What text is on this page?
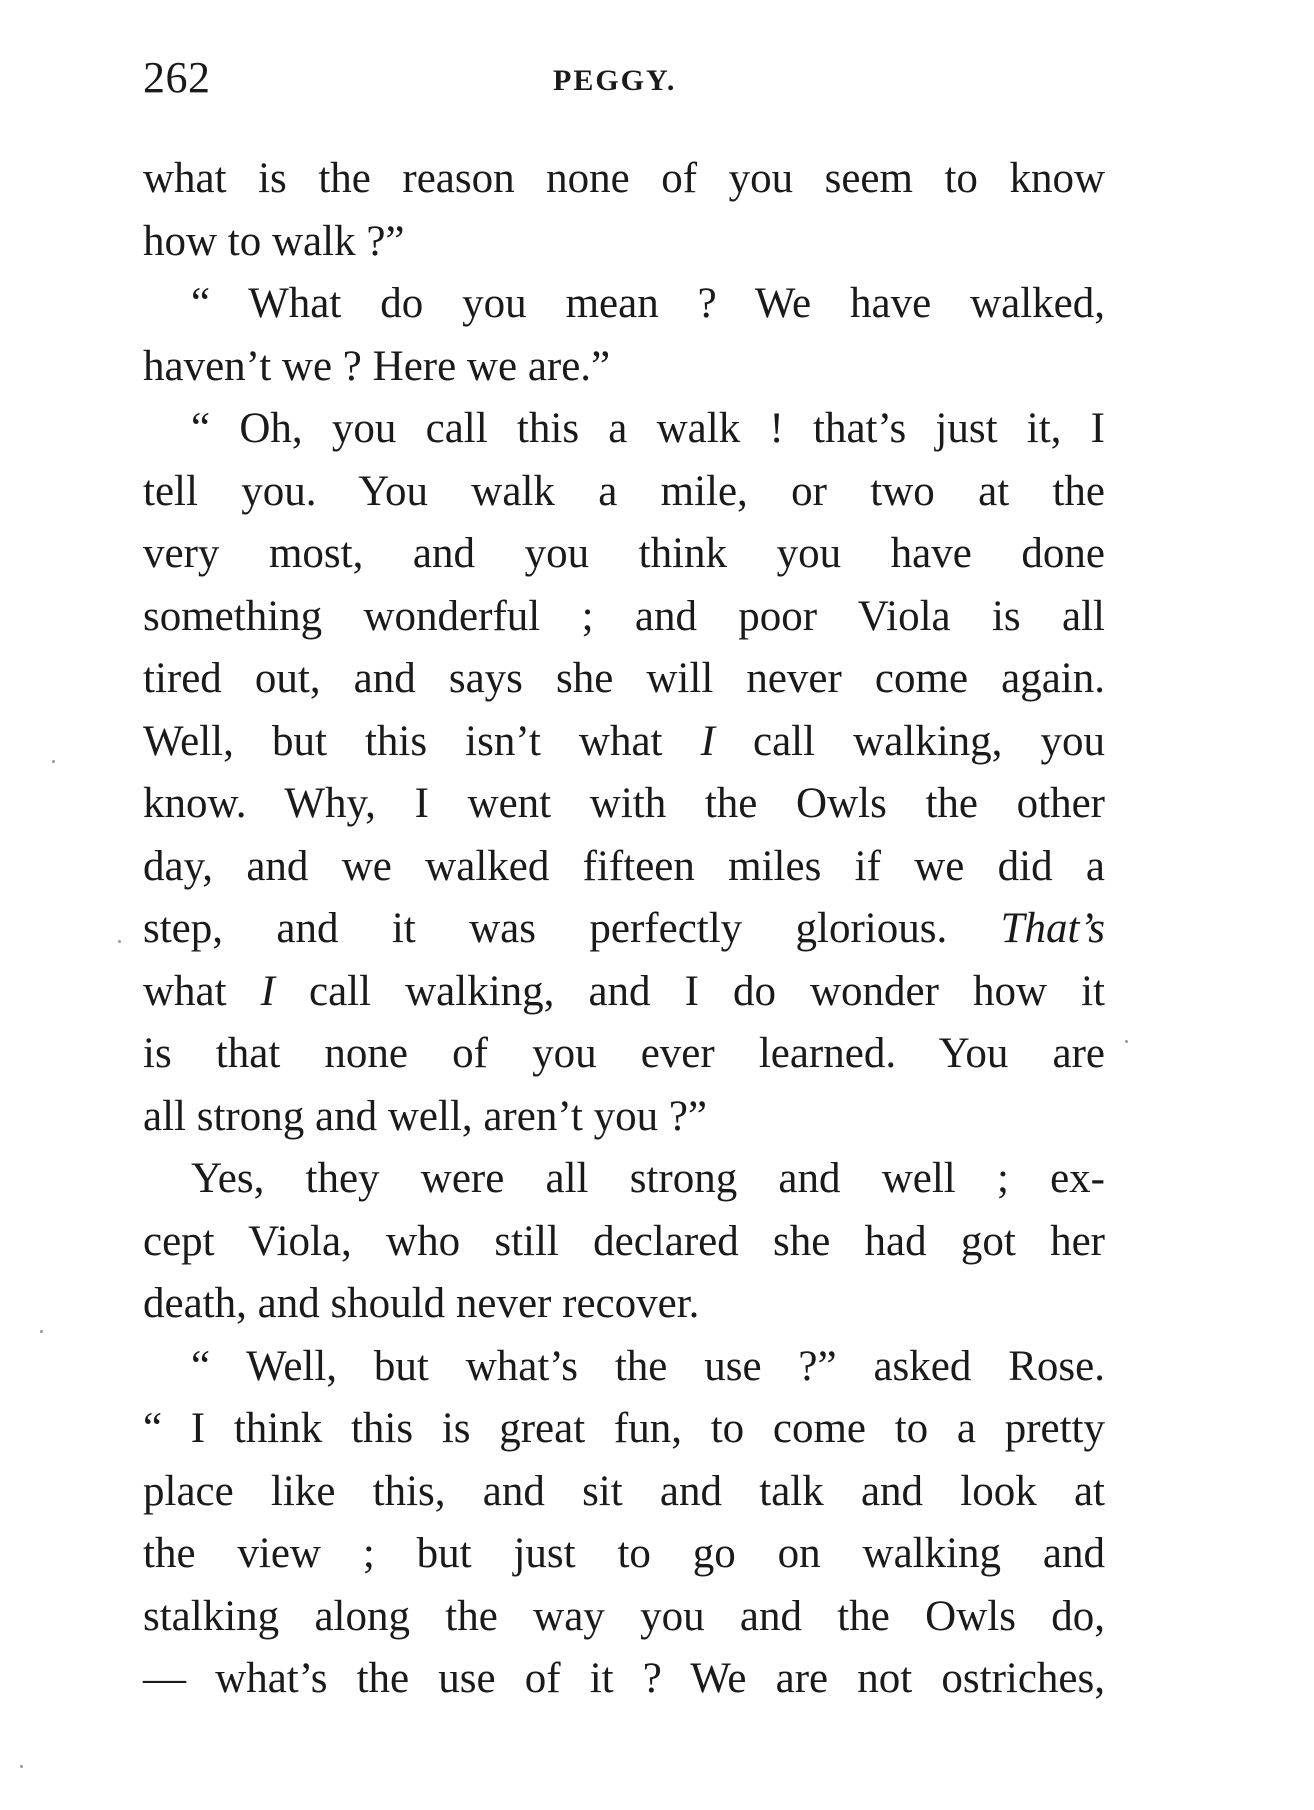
262	PEGGY.
what is the reason none of you seem to know
how to walk ?”
“ What do you mean ? We have walked,
haven’t we ? Here we are.”
“ Oh, you call this a walk ! that’s just it, I
tell you. You walk a mile, or two at the
very most, and you think you have done
something wonderful ; and poor Viola is all
tired out, and says she will never come again.
Well, but this isn’t what I call walking, you
know. Why, I went with the Owls the other
day, and we walked fifteen miles if we did a
step, and it was perfectly glorious. That’s
what I call walking, and I do wonder how it
is that none of you ever learned. You are
all strong and well, aren’t you ?”
Yes, they were all strong and well ; ex-
cept Viola, who still declared she had got her
death, and should never recover.
“ Well, but what’s the use ?” asked Rose.
“ I think this is great fun, to come to a pretty
place like this, and sit and talk and look at
the view ; but just to go on walking and
stalking along the way you and the Owls do,
— what’s the use of it ? We are not ostriches,
